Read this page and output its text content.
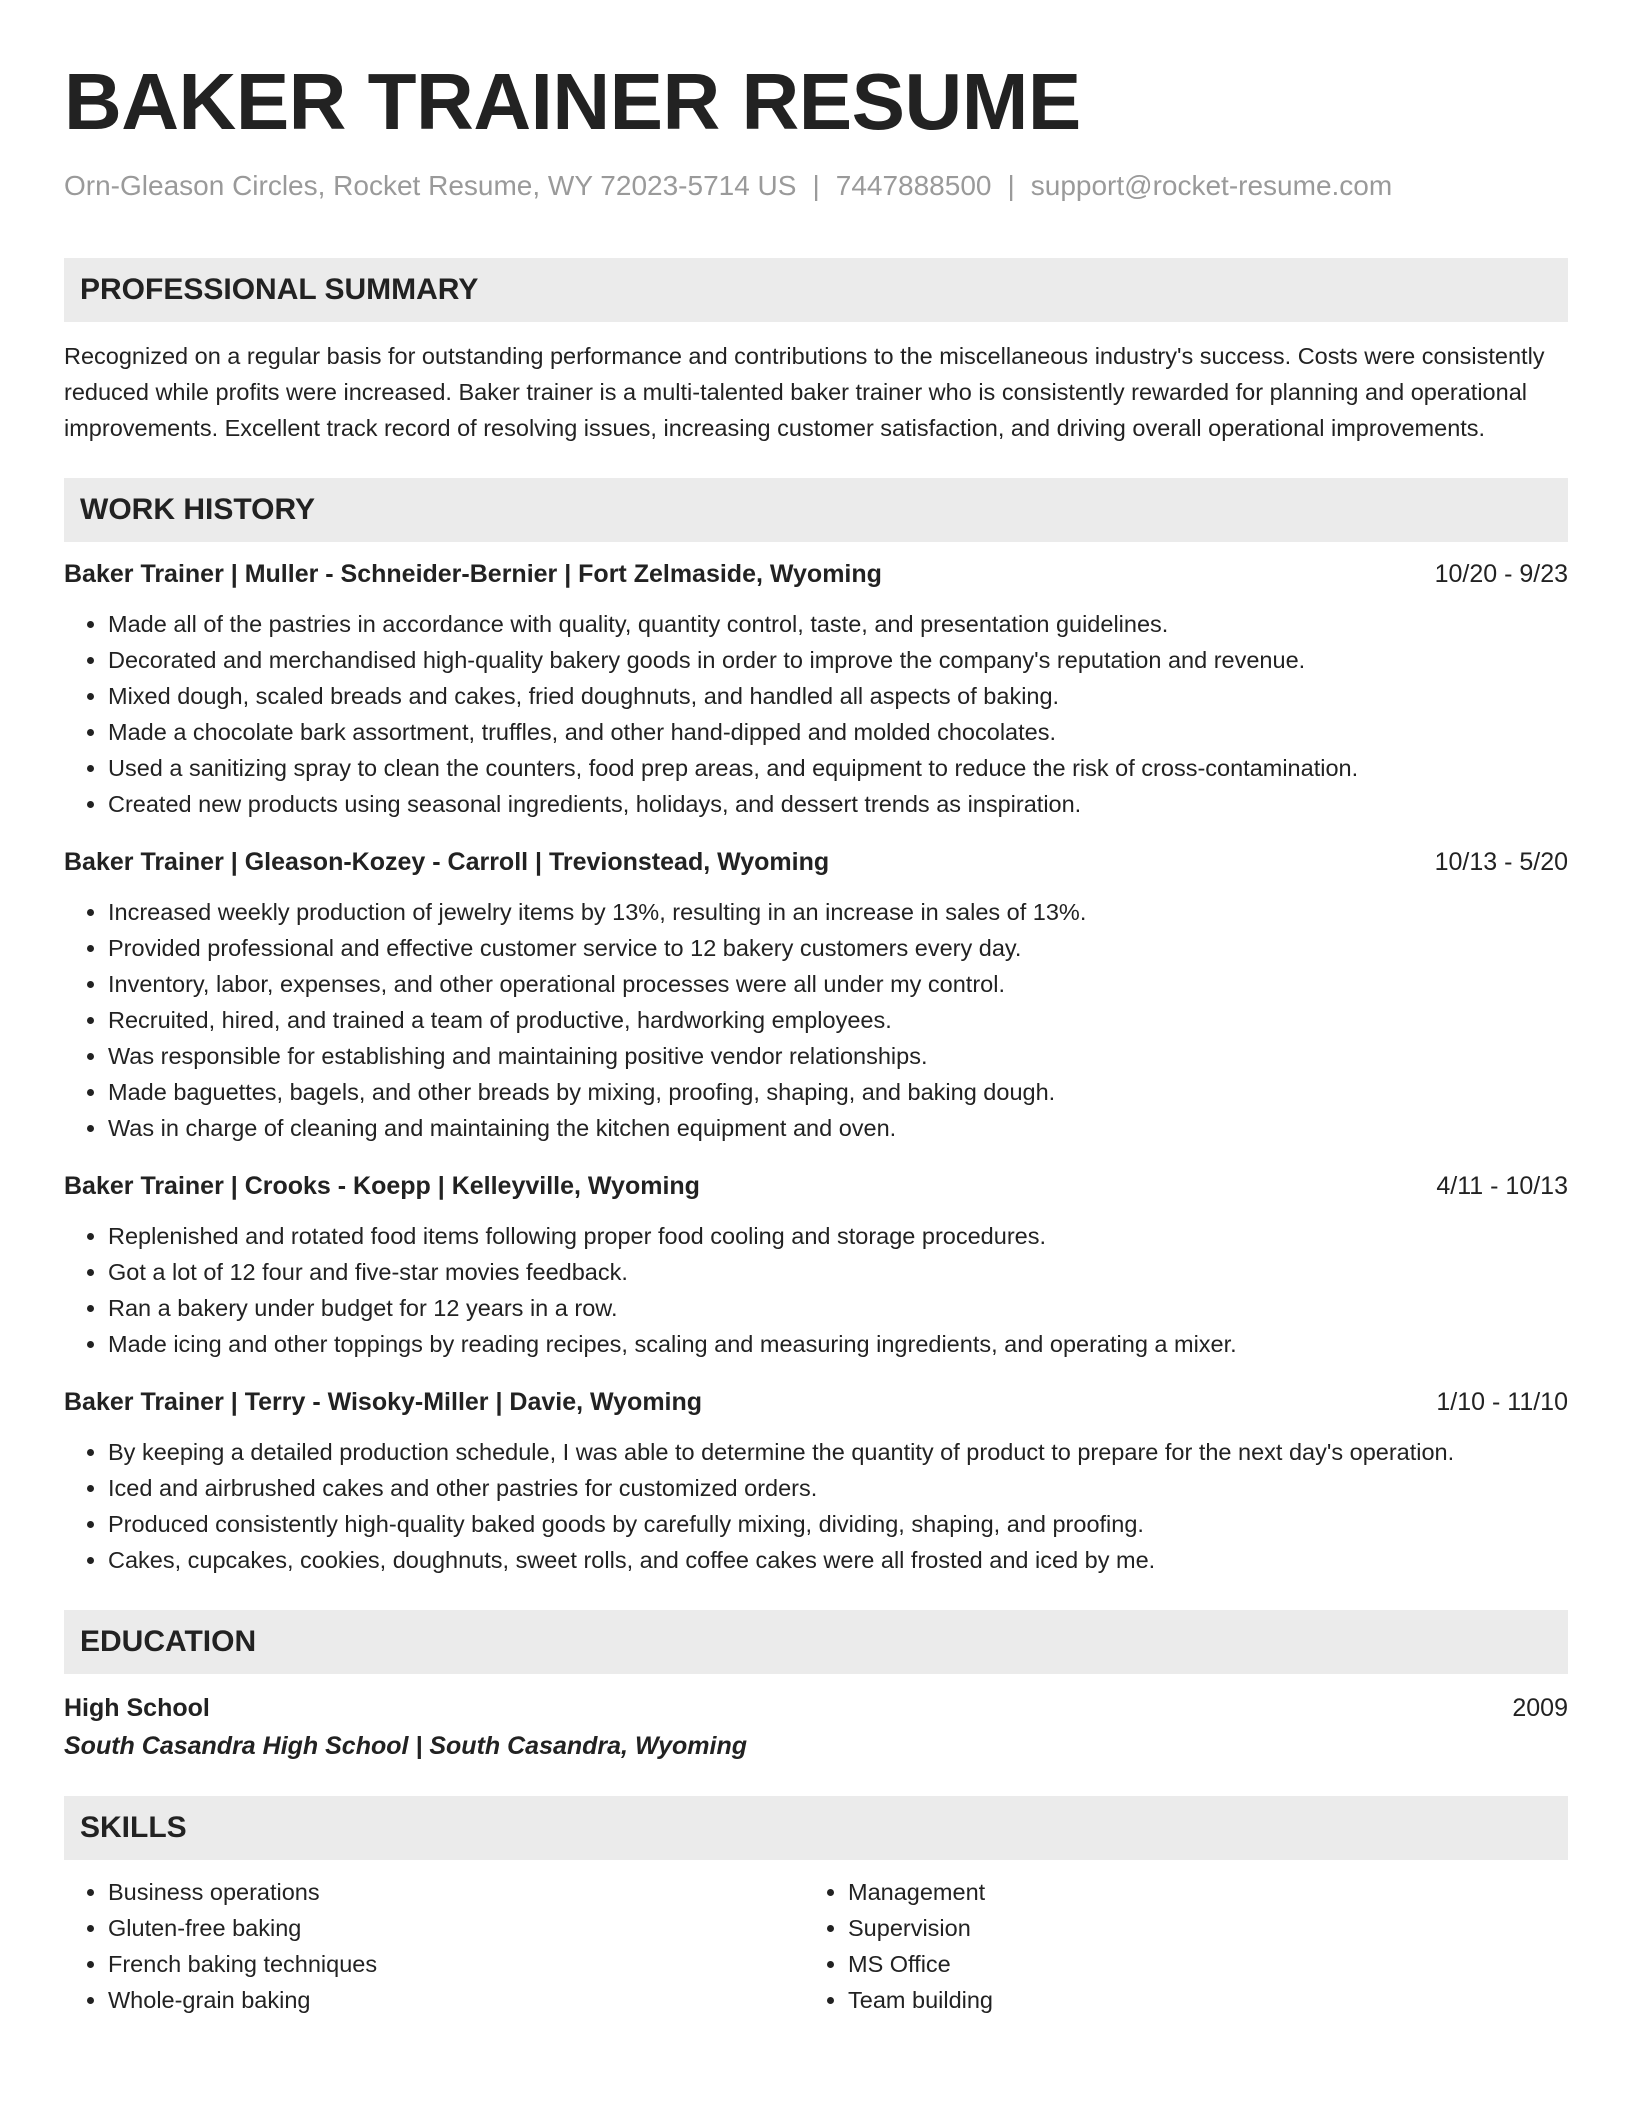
BAKER TRAINER RESUME
Orn-Gleason Circles, Rocket Resume, WY 72023-5714 US | 7447888500 | support@rocket-resume.com
PROFESSIONAL SUMMARY
Recognized on a regular basis for outstanding performance and contributions to the miscellaneous industry's success. Costs were consistently reduced while profits were increased. Baker trainer is a multi-talented baker trainer who is consistently rewarded for planning and operational improvements. Excellent track record of resolving issues, increasing customer satisfaction, and driving overall operational improvements.
WORK HISTORY
Baker Trainer | Muller - Schneider-Bernier | Fort Zelmaside, Wyoming	10/20 - 9/23
• Made all of the pastries in accordance with quality, quantity control, taste, and presentation guidelines.
• Decorated and merchandised high-quality bakery goods in order to improve the company's reputation and revenue.
• Mixed dough, scaled breads and cakes, fried doughnuts, and handled all aspects of baking.
• Made a chocolate bark assortment, truffles, and other hand-dipped and molded chocolates.
• Used a sanitizing spray to clean the counters, food prep areas, and equipment to reduce the risk of cross-contamination.
• Created new products using seasonal ingredients, holidays, and dessert trends as inspiration.
Baker Trainer | Gleason-Kozey - Carroll | Trevionstead, Wyoming	10/13 - 5/20
• Increased weekly production of jewelry items by 13%, resulting in an increase in sales of 13%.
• Provided professional and effective customer service to 12 bakery customers every day.
• Inventory, labor, expenses, and other operational processes were all under my control.
• Recruited, hired, and trained a team of productive, hardworking employees.
• Was responsible for establishing and maintaining positive vendor relationships.
• Made baguettes, bagels, and other breads by mixing, proofing, shaping, and baking dough.
• Was in charge of cleaning and maintaining the kitchen equipment and oven.
Baker Trainer | Crooks - Koepp | Kelleyville, Wyoming	4/11 - 10/13
• Replenished and rotated food items following proper food cooling and storage procedures.
• Got a lot of 12 four and five-star movies feedback.
• Ran a bakery under budget for 12 years in a row.
• Made icing and other toppings by reading recipes, scaling and measuring ingredients, and operating a mixer.
Baker Trainer | Terry - Wisoky-Miller | Davie, Wyoming	1/10 - 11/10
• By keeping a detailed production schedule, I was able to determine the quantity of product to prepare for the next day's operation.
• Iced and airbrushed cakes and other pastries for customized orders.
• Produced consistently high-quality baked goods by carefully mixing, dividing, shaping, and proofing.
• Cakes, cupcakes, cookies, doughnuts, sweet rolls, and coffee cakes were all frosted and iced by me.
EDUCATION
High School	2009
South Casandra High School | South Casandra, Wyoming
SKILLS
• Business operations
• Gluten-free baking
• French baking techniques
• Whole-grain baking
• Management
• Supervision
• MS Office
• Team building
